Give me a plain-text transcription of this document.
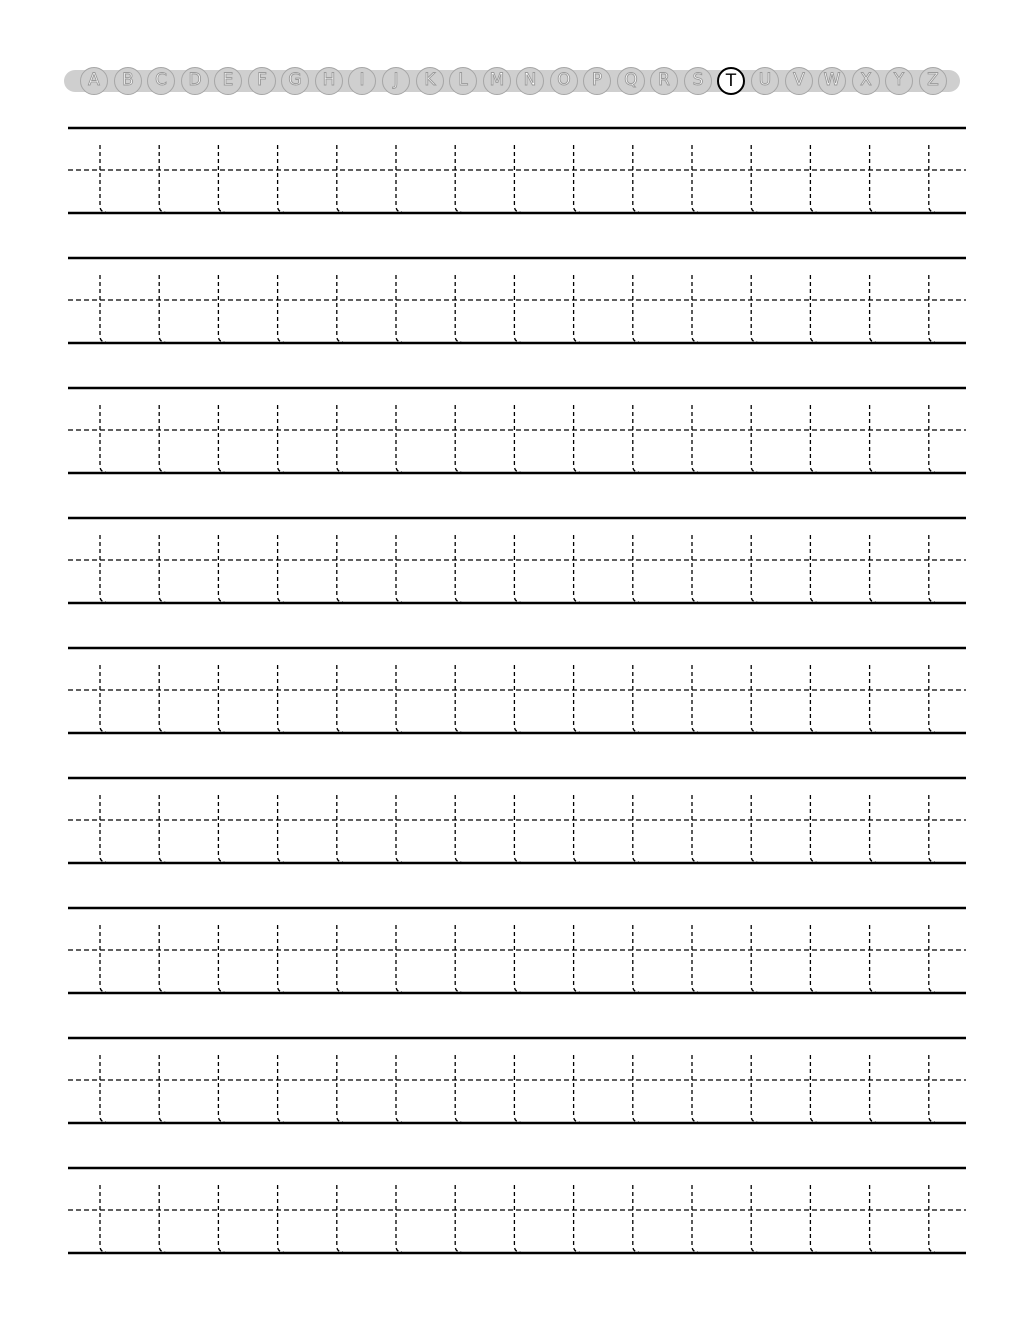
A	B	C	D	E	F	G	H	I	J	K	L	M	N	O	P	Q	R	S	T	U	V	W	X	Y	Z
